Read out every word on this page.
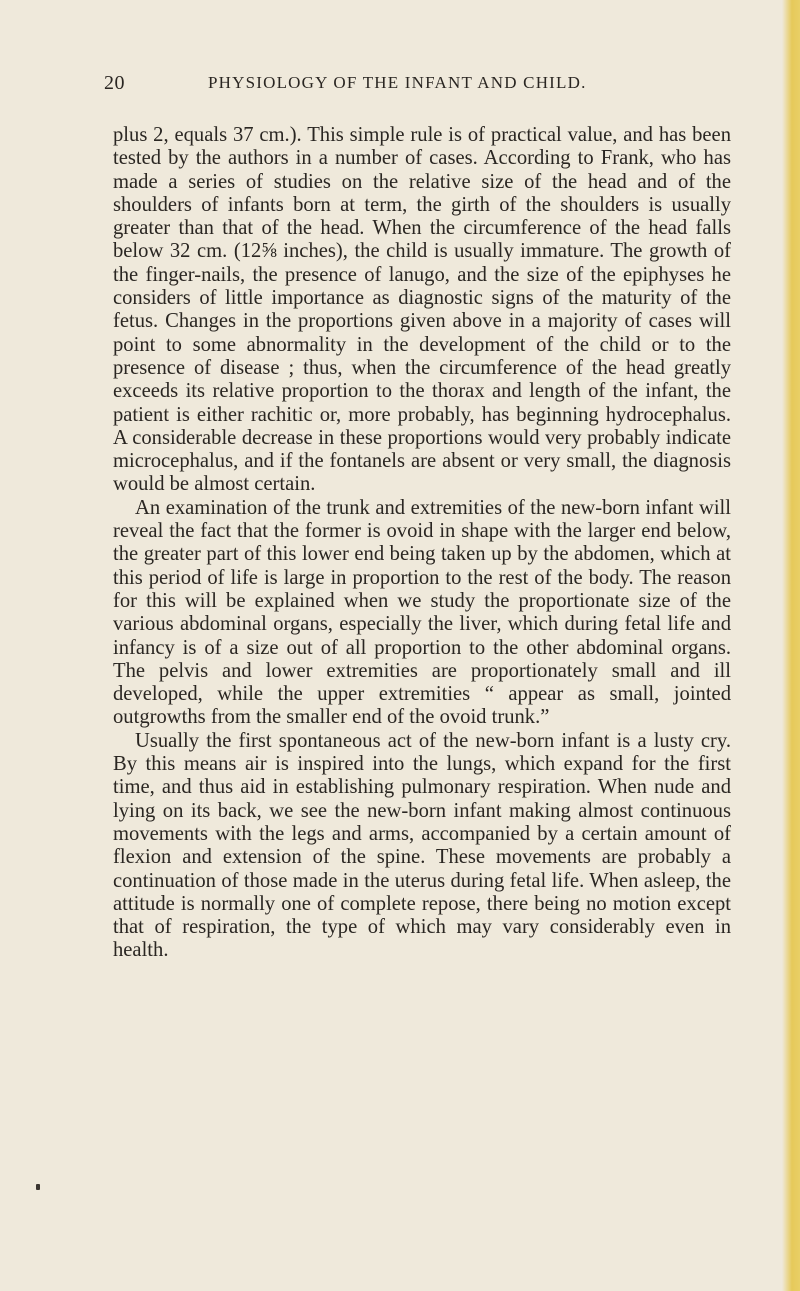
20	PHYSIOLOGY OF THE INFANT AND CHILD.

plus 2, equals 37 cm.). This simple rule is of practical value, and has been tested by the authors in a number of cases. According to Frank, who has made a series of studies on the relative size of the head and of the shoulders of infants born at term, the girth of the shoulders is usually greater than that of the head. When the circumference of the head falls below 32 cm. (12⅝ inches), the child is usually immature. The growth of the finger-nails, the presence of lanugo, and the size of the epiphyses he considers of little importance as diagnostic signs of the maturity of the fetus. Changes in the proportions given above in a majority of cases will point to some abnormality in the development of the child or to the presence of disease ; thus, when the circumference of the head greatly exceeds its relative proportion to the thorax and length of the infant, the patient is either rachitic or, more probably, has beginning hydrocephalus. A considerable decrease in these proportions would very probably indicate microcephalus, and if the fontanels are absent or very small, the diagnosis would be almost certain.

An examination of the trunk and extremities of the new-born infant will reveal the fact that the former is ovoid in shape with the larger end below, the greater part of this lower end being taken up by the abdomen, which at this period of life is large in proportion to the rest of the body. The reason for this will be explained when we study the proportionate size of the various abdominal organs, especially the liver, which during fetal life and infancy is of a size out of all proportion to the other abdominal organs. The pelvis and lower extremities are proportionately small and ill developed, while the upper extremities “ appear as small, jointed outgrowths from the smaller end of the ovoid trunk.”

Usually the first spontaneous act of the new-born infant is a lusty cry. By this means air is inspired into the lungs, which expand for the first time, and thus aid in establishing pulmonary respiration. When nude and lying on its back, we see the new-born infant making almost continuous movements with the legs and arms, accompanied by a certain amount of flexion and extension of the spine. These movements are probably a continuation of those made in the uterus during fetal life. When asleep, the attitude is normally one of complete repose, there being no motion except that of respiration, the type of which may vary considerably even in health.
